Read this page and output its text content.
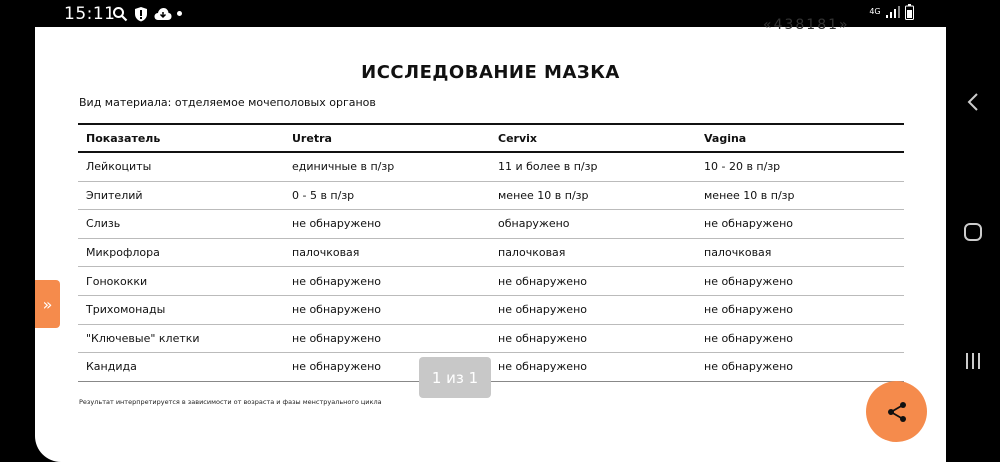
15:11	4G
«438181»
ИССЛЕДОВАНИЕ МАЗКА
Вид материала: отделяемое мочеполовых органов
Показатель	Uretra	Cervix	Vagina
Лейкоциты	единичные в п/зр	11 и более в п/зр	10 - 20 в п/зр
Эпителий	0 - 5 в п/зр	менее 10 в п/зр	менее 10 в п/зр
Слизь	не обнаружено	обнаружено	не обнаружено
Микрофлора	палочковая	палочковая	палочковая
Гонококки	не обнаружено	не обнаружено	не обнаружено
Трихомонады	не обнаружено	не обнаружено	не обнаружено
"Ключевые" клетки	не обнаружено	не обнаружено	не обнаружено
Кандида	не обнаружено	не обнаружено	не обнаружено
Результат интерпретируется в зависимости от возраста и фазы менструального цикла
1 из 1
»
